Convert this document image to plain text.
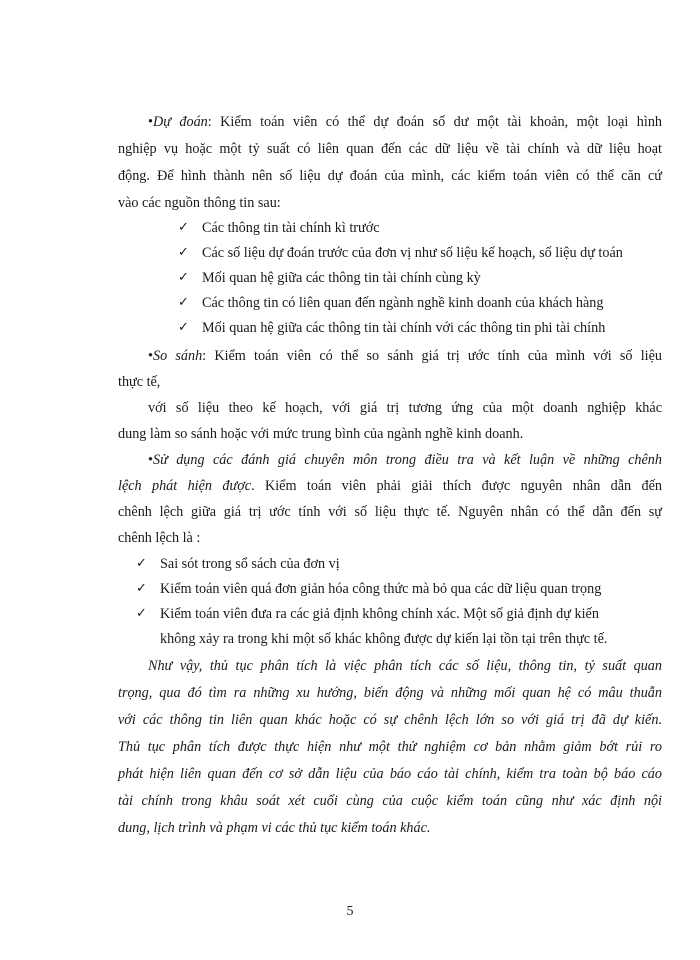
•Dự đoán: Kiểm toán viên có thể dự đoán số dư một tài khoản, một loại hình
nghiệp vụ hoặc một tỷ suất có liên quan đến các dữ liệu về tài chính và dữ liệu hoạt
động. Để hình thành nên số liệu dự đoán của mình, các kiểm toán viên có thể căn cứ
vào các nguồn thông tin sau:
✓ Các thông tin tài chính kì trước
✓ Các số liệu dự đoán trước của đơn vị như số liệu kế hoạch, số liệu dự toán
✓ Mối quan hệ giữa các thông tin tài chính cùng kỳ
✓ Các thông tin có liên quan đến ngành nghề kinh doanh của khách hàng
✓ Mối quan hệ giữa các thông tin tài chính với các thông tin phi tài chính
•So sánh: Kiểm toán viên có thể so sánh giá trị ước tính của mình với số liệu
thực tế,
với số liệu theo kế hoạch, với giá trị tương ứng của một doanh nghiệp khác
dung làm so sánh hoặc với mức trung bình của ngành nghề kinh doanh.
•Sử dụng các đánh giá chuyên môn trong điều tra và kết luận về những chênh
lệch phát hiện được. Kiểm toán viên phải giải thích được nguyên nhân dẫn đến
chênh lệch giữa giá trị ước tính với số liệu thực tế. Nguyên nhân có thể dẫn đến sự
chênh lệch là :
✓ Sai sót trong sổ sách của đơn vị
✓ Kiểm toán viên quá đơn giản hóa công thức mà bỏ qua các dữ liệu quan trọng
✓ Kiểm toán viên đưa ra các giả định không chính xác. Một số giả định dự kiến
không xảy ra trong khi một số khác không được dự kiến lại tồn tại trên thực tế.
Như vậy, thủ tục phân tích là việc phân tích các số liệu, thông tin, tỷ suất quan
trọng, qua đó tìm ra những xu hướng, biến động và những mối quan hệ có mâu thuẫn
với các thông tin liên quan khác hoặc có sự chênh lệch lớn so với giá trị đã dự kiến.
Thủ tục phân tích được thực hiện như một thử nghiệm cơ bản nhằm giảm bớt rủi ro
phát hiện liên quan đến cơ sở dẫn liệu của báo cáo tài chính, kiểm tra toàn bộ báo cáo
tài chính trong khâu soát xét cuối cùng của cuộc kiểm toán cũng như xác định nội
dung, lịch trình và phạm vi các thủ tục kiểm toán khác.
5
